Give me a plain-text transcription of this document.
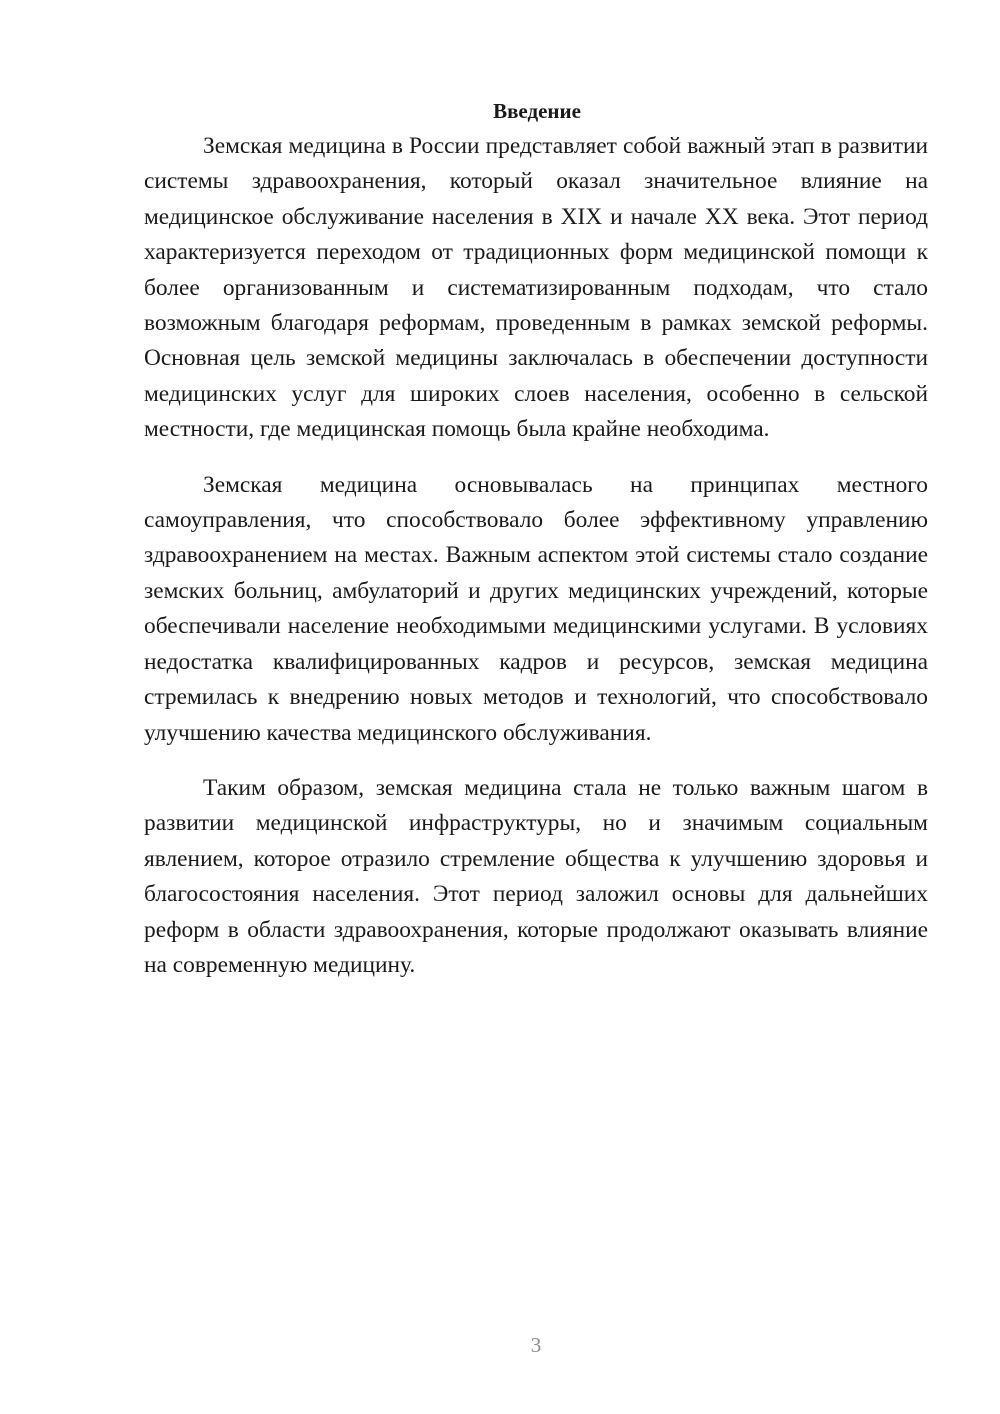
Введение

Земская медицина в России представляет собой важный этап в развитии системы здравоохранения, который оказал значительное влияние на медицинское обслуживание населения в XIX и начале XX века. Этот период характеризуется переходом от традиционных форм медицинской помощи к более организованным и систематизированным подходам, что стало возможным благодаря реформам, проведенным в рамках земской реформы. Основная цель земской медицины заключалась в обеспечении доступности медицинских услуг для широких слоев населения, особенно в сельской местности, где медицинская помощь была крайне необходима.

Земская медицина основывалась на принципах местного самоуправления, что способствовало более эффективному управлению здравоохранением на местах. Важным аспектом этой системы стало создание земских больниц, амбулаторий и других медицинских учреждений, которые обеспечивали население необходимыми медицинскими услугами. В условиях недостатка квалифицированных кадров и ресурсов, земская медицина стремилась к внедрению новых методов и технологий, что способствовало улучшению качества медицинского обслуживания.

Таким образом, земская медицина стала не только важным шагом в развитии медицинской инфраструктуры, но и значимым социальным явлением, которое отразило стремление общества к улучшению здоровья и благосостояния населения. Этот период заложил основы для дальнейших реформ в области здравоохранения, которые продолжают оказывать влияние на современную медицину.

3
